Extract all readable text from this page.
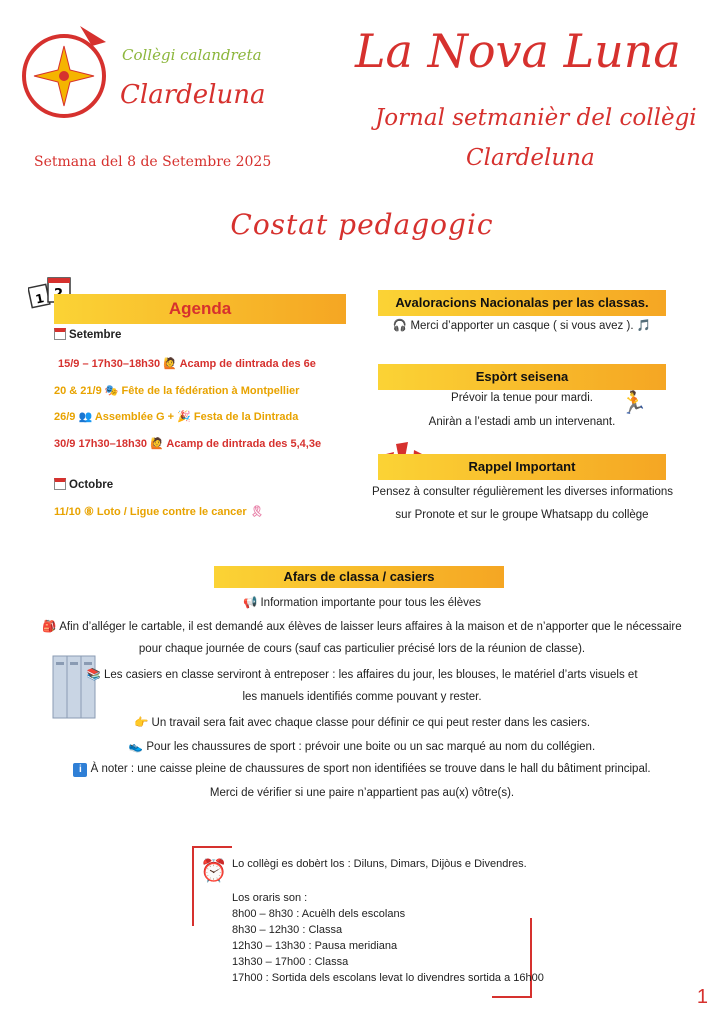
Collègi calandreta
Clardeluna
La Nova Luna
Jornal setmanièr del collègi
Clardeluna
Setmana del 8 de Setembre 2025
Costat pedagogic
1
Agenda
Setembre
15/9 – 17h30–18h30 🙋 Acamp de dintrada des 6e
20 & 21/9 🎭 Fête de la fédération à Montpellier
26/9 👥 Assemblée G + 🎉 Festa de la Dintrada
30/9 17h30–18h30 🙋 Acamp de dintrada des 5,4,3e
Octobre
11/10 ⑧ Loto / Ligue contre le cancer 🎗
Avaloracions Nacionalas per las classas.
🎧 Merci d’apporter un casque ( si vous avez ). 🎵
Espòrt seisena
Prévoir la tenue pour mardi.
Aniràn a l’estadi amb un intervenant.
🏃
Rappel Important
Pensez à consulter régulièrement les diverses informations
sur Pronote et sur le groupe Whatsapp du collège
Afars de classa / casiers
📢 Information importante pour tous les élèves
🎒 Afin d’alléger le cartable, il est demandé aux élèves de laisser leurs affaires à la maison et de n’apporter que le nécessaire
pour chaque journée de cours (sauf cas particulier précisé lors de la réunion de classe).
📚 Les casiers en classe serviront à entreposer : les affaires du jour, les blouses, le matériel d’arts visuels et
les manuels identifiés comme pouvant y rester.
👉 Un travail sera fait avec chaque classe pour définir ce qui peut rester dans les casiers.
👟 Pour les chaussures de sport : prévoir une boite ou un sac marqué au nom du collégien.
i À noter : une caisse pleine de chaussures de sport non identifiées se trouve dans le hall du bâtiment principal.
Merci de vérifier si une paire n’appartient pas au(x) vôtre(s).
⏰ Lo collègi es dobèrt los : Diluns, Dimars, Dijòus e Divendres.
Los oraris son :
8h00 – 8h30 : Acuèlh dels escolans
8h30 – 12h30 : Classa
12h30 – 13h30 : Pausa meridiana
13h30 – 17h00 : Classa
17h00 : Sortida dels escolans levat lo divendres sortida a 16h00
1
